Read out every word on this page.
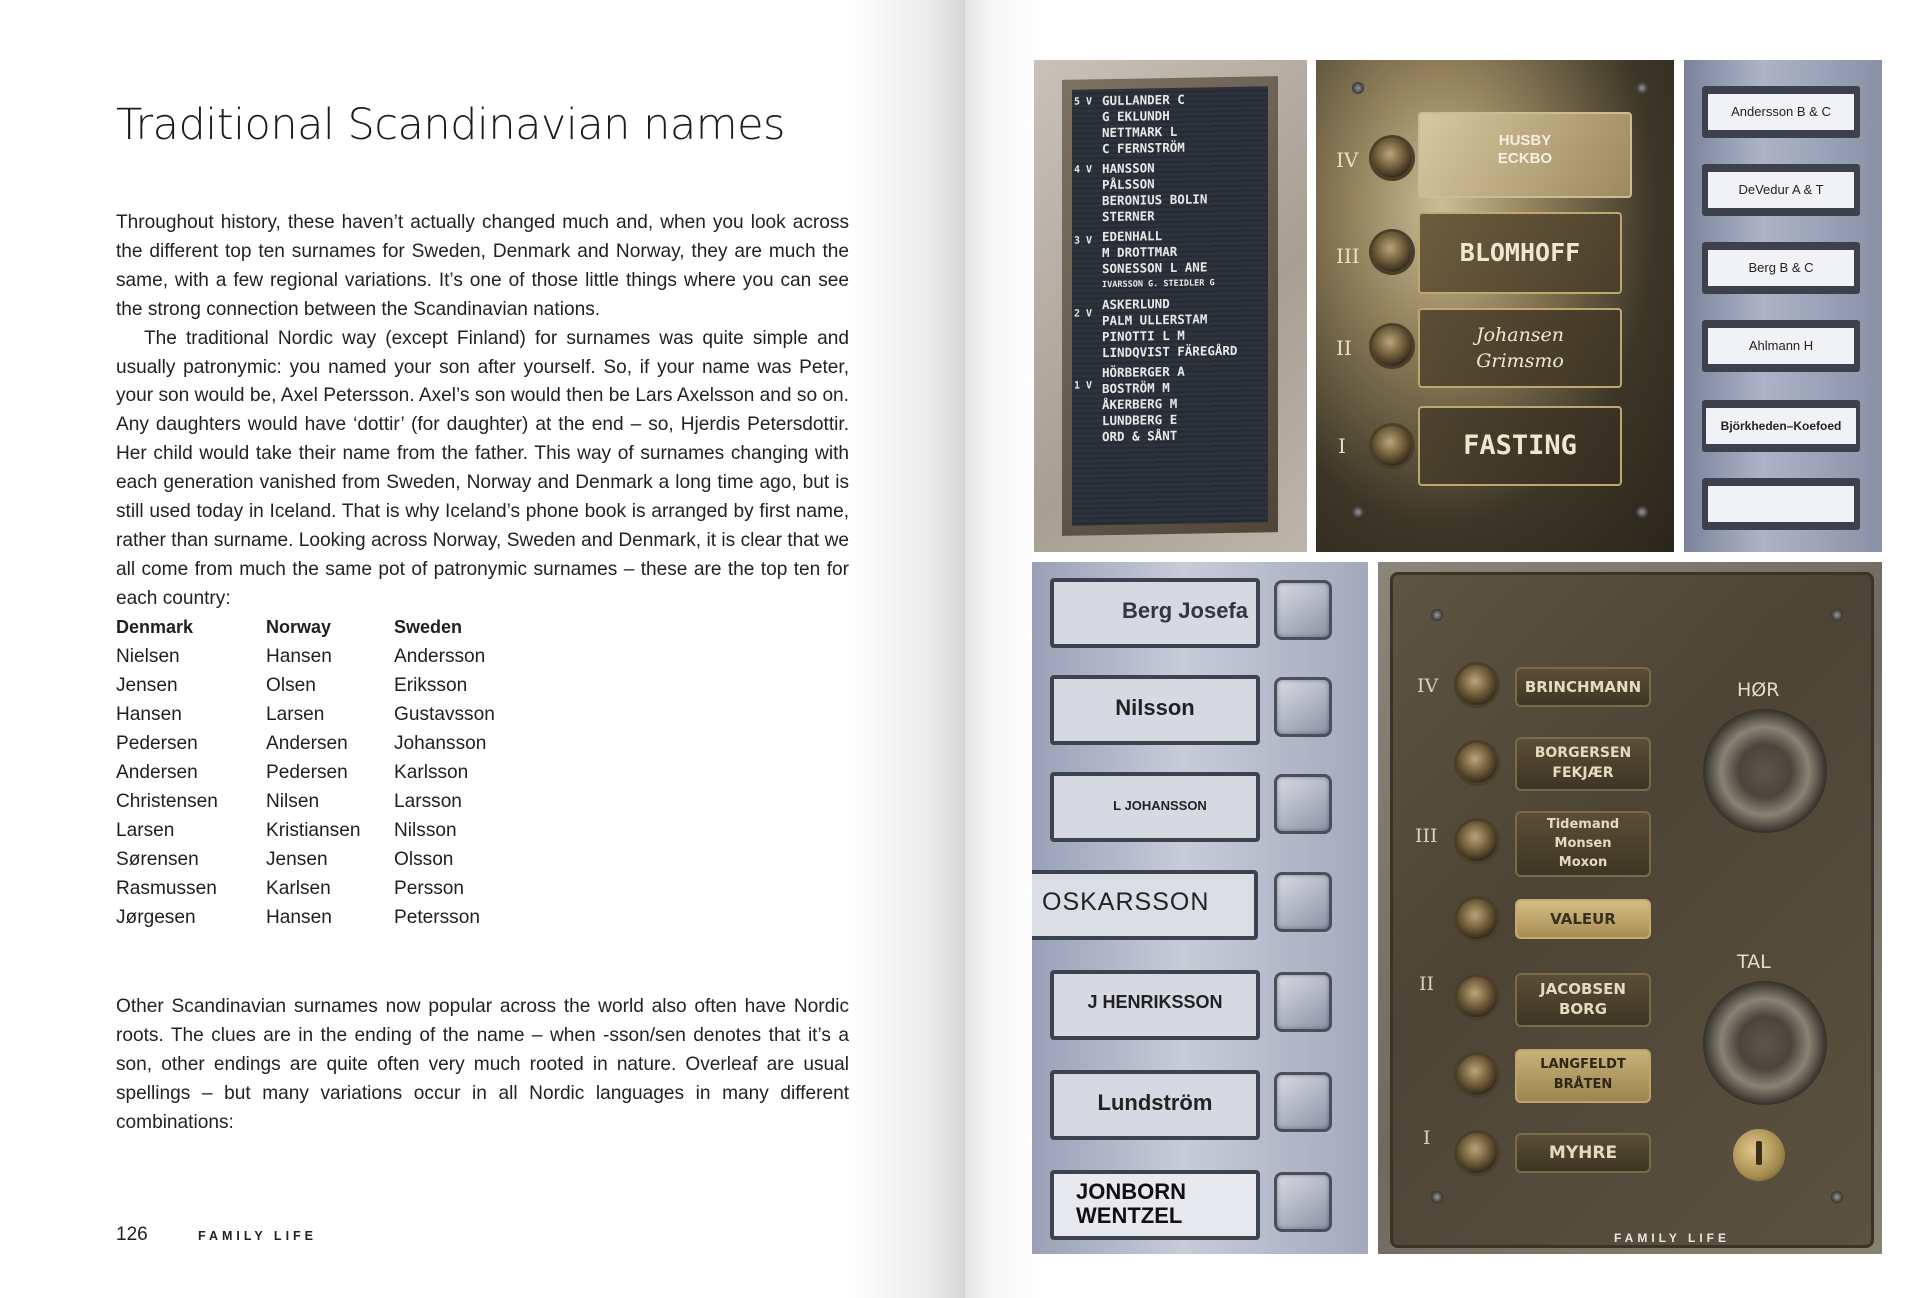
Traditional Scandinavian names

Throughout history, these haven’t actually changed much and, when you look across the different top ten surnames for Sweden, Denmark and Norway, they are much the same, with a few regional variations. It’s one of those little things where you can see the strong connection between the Scandinavian nations.

The traditional Nordic way (except Finland) for surnames was quite simple and usually patronymic: you named your son after yourself. So, if your name was Peter, your son would be, Axel Petersson. Axel’s son would then be Lars Axelsson and so on. Any daughters would have ‘dottir’ (for daughter) at the end – so, Hjerdis Petersdottir. Her child would take their name from the father. This way of surnames changing with each generation vanished from Sweden, Norway and Denmark a long time ago, but is still used today in Iceland. That is why Iceland’s phone book is arranged by first name, rather than surname. Looking across Norway, Sweden and Denmark, it is clear that we all come from much the same pot of patronymic surnames – these are the top ten for each country:

Denmark	Norway	Sweden
Nielsen	Hansen	Andersson
Jensen	Olsen	Eriksson
Hansen	Larsen	Gustavsson
Pedersen	Andersen	Johansson
Andersen	Pedersen	Karlsson
Christensen	Nilsen	Larsson
Larsen	Kristiansen	Nilsson
Sørensen	Jensen	Olsson
Rasmussen	Karlsen	Persson
Jørgesen	Hansen	Petersson

Other Scandinavian surnames now popular across the world also often have Nordic roots. The clues are in the ending of the name – when -sson/sen denotes that it’s a son, other endings are quite often very much rooted in nature. Overleaf are usual spellings – but many variations occur in all Nordic languages in many different combinations:

126	FAMILY LIFE
5 V
4 V
3 V
2 V
1 V
GULLANDER C
G EKLUNDH
NETTMARK L
C FERNSTRÖM
HANSSON
PÅLSSON
BERONIUS BOLIN
STERNER
EDENHALL
M DROTTMAR
SONESSON L ANE
IVARSSON G. STEIDLER G
ASKERLUND
PALM ULLERSTAM
PINOTTI L M
LINDQVIST FÄREGÅRD
HÖRBERGER A
BOSTRÖM M
ÅKERBERG M
LUNDBERG E
ORD & SÅNT
IV
III
II
I
HUSBY ECKBO
BLOMHOFF
Johansen Grimsmo
FASTING
Andersson B & C
DeVedur A & T
Berg B & C
Ahlmann H
Björkheden–Koefoed
Berg Josefa
Nilsson
L JOHANSSON
OSKARSSON
J HENRIKSSON
Lundström
JONBORN WENTZEL
IV
III
II
I
BRINCHMANN
BORGERSEN FEKJÆR
Tidemand Monsen Moxon
VALEUR
JACOBSEN BORG
LANGFELDT BRÅTEN
MYHRE
HØR
TAL
FAMILY LIFE
